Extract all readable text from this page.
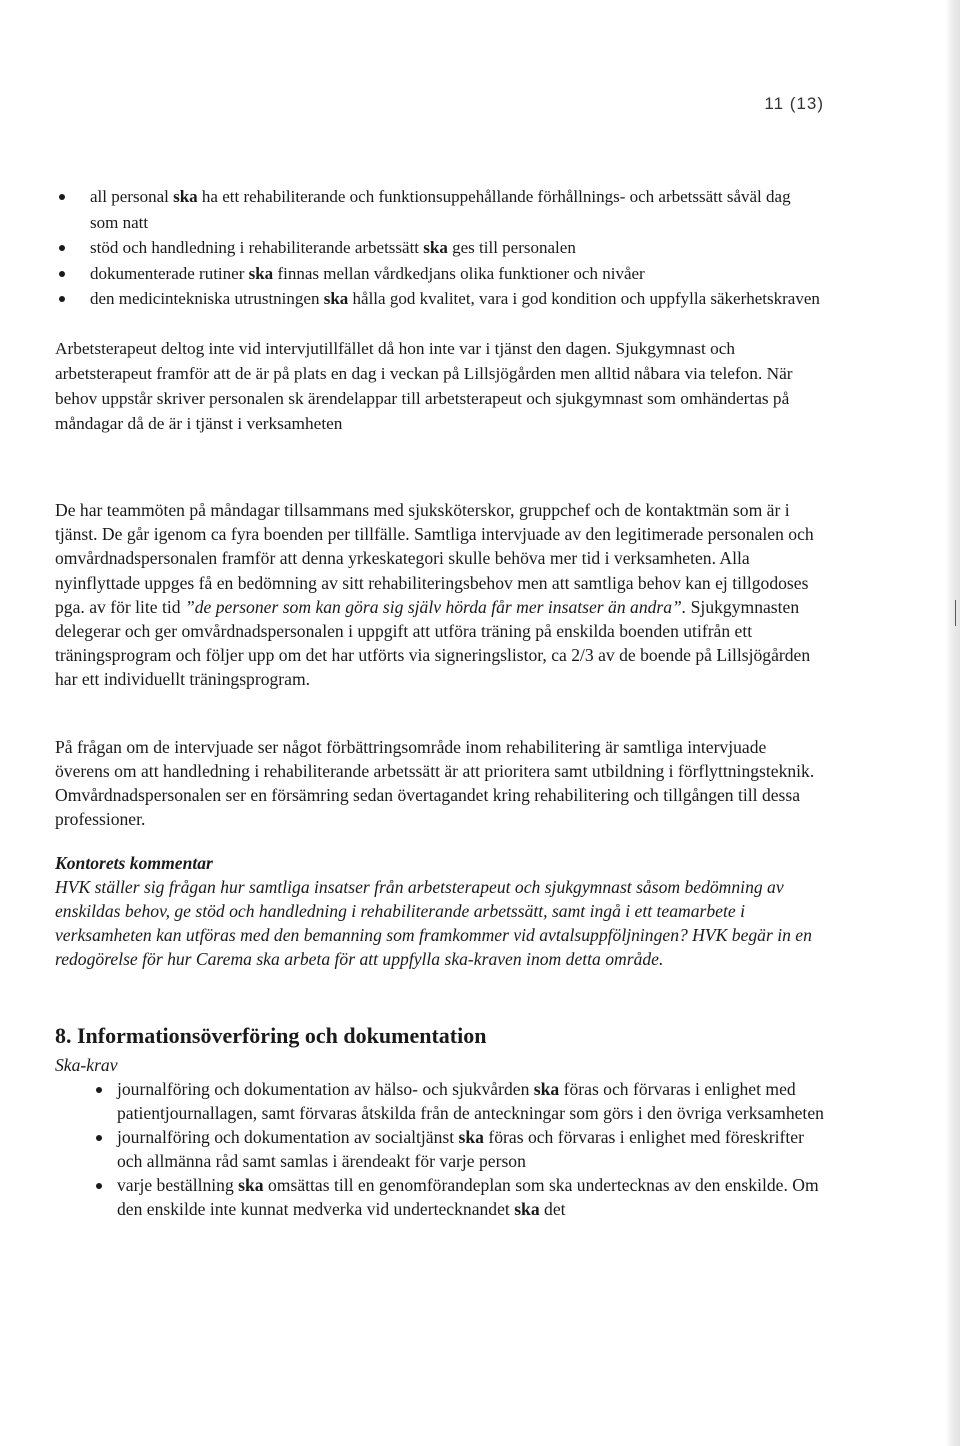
11 (13)
all personal ska ha ett rehabiliterande och funktionsuppehållande förhållnings- och arbetssätt såväl dag som natt
stöd och handledning i rehabiliterande arbetssätt ska ges till personalen
dokumenterade rutiner ska finnas mellan vårdkedjans olika funktioner och nivåer
den medicintekniska utrustningen ska hålla god kvalitet, vara i god kondition och uppfylla säkerhetskraven

Arbetsterapeut deltog inte vid intervjutillfället då hon inte var i tjänst den dagen. Sjukgymnast och arbetsterapeut framför att de är på plats en dag i veckan på Lillsjögården men alltid nåbara via telefon. När behov uppstår skriver personalen sk ärendelappar till arbetsterapeut och sjukgymnast som omhändertas på måndagar då de är i tjänst i verksamheten

De har teammöten på måndagar tillsammans med sjuksköterskor, gruppchef och de kontaktmän som är i tjänst. De går igenom ca fyra boenden per tillfälle. Samtliga intervjuade av den legitimerade personalen och omvårdnadspersonalen framför att denna yrkeskategori skulle behöva mer tid i verksamheten. Alla nyinflyttade uppges få en bedömning av sitt rehabiliteringsbehov men att samtliga behov kan ej tillgodoses pga. av för lite tid ”de personer som kan göra sig själv hörda får mer insatser än andra”. Sjukgymnasten delegerar och ger omvårdnadspersonalen i uppgift att utföra träning på enskilda boenden utifrån ett träningsprogram och följer upp om det har utförts via signeringslistor, ca 2/3 av de boende på Lillsjögården har ett individuellt träningsprogram.

På frågan om de intervjuade ser något förbättringsområde inom rehabilitering är samtliga intervjuade överens om att handledning i rehabiliterande arbetssätt är att prioritera samt utbildning i förflyttningsteknik. Omvårdnadspersonalen ser en försämring sedan övertagandet kring rehabilitering och tillgången till dessa professioner.

Kontorets kommentar

HVK ställer sig frågan hur samtliga insatser från arbetsterapeut och sjukgymnast såsom bedömning av enskildas behov, ge stöd och handledning i rehabiliterande arbetssätt, samt ingå i ett teamarbete i verksamheten kan utföras med den bemanning som framkommer vid avtalsuppföljningen? HVK begär in en redogörelse för hur Carema ska arbeta för att uppfylla ska-kraven inom detta område.

8. Informationsöverföring och dokumentation

Ska-krav

journalföring och dokumentation av hälso- och sjukvården ska föras och förvaras i enlighet med patientjournallagen, samt förvaras åtskilda från de anteckningar som görs i den övriga verksamheten
journalföring och dokumentation av socialtjänst ska föras och förvaras i enlighet med föreskrifter och allmänna råd samt samlas i ärendeakt för varje person
varje beställning ska omsättas till en genomförandeplan som ska undertecknas av den enskilde. Om den enskilde inte kunnat medverka vid undertecknandet ska det
